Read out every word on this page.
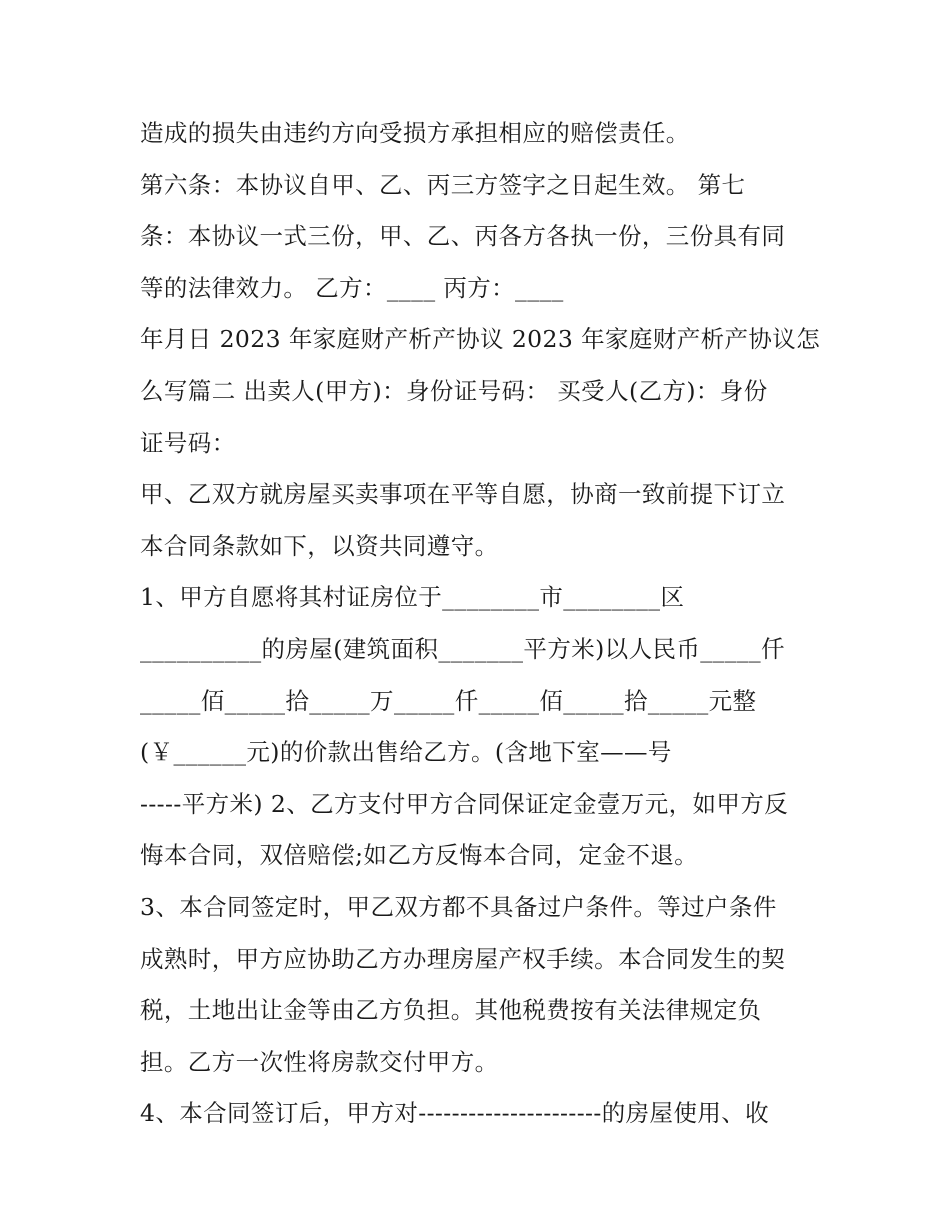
造成的损失由违约方向受损方承担相应的赔偿责任。
第六条：本协议自甲、乙、丙三方签字之日起生效。 第七
条：本协议一式三份，甲、乙、丙各方各执一份，三份具有同
等的法律效力。 乙方：____ 丙方：____
年月日 2023 年家庭财产析产协议 2023 年家庭财产析产协议怎
么写篇二 出卖人(甲方)：身份证号码： 买受人(乙方)：身份
证号码：
甲、乙双方就房屋买卖事项在平等自愿，协商一致前提下订立
本合同条款如下，以资共同遵守。
1、甲方自愿将其村证房位于________市________区
__________的房屋(建筑面积_______平方米)以人民币_____仟
_____佰_____拾_____万_____仟_____佰_____拾_____元整
(￥______元)的价款出售给乙方。(含地下室——号
-----平方米) 2、乙方支付甲方合同保证定金壹万元，如甲方反
悔本合同，双倍赔偿;如乙方反悔本合同，定金不退。
3、本合同签定时，甲乙双方都不具备过户条件。等过户条件
成熟时，甲方应协助乙方办理房屋产权手续。本合同发生的契
税，土地出让金等由乙方负担。其他税费按有关法律规定负
担。乙方一次性将房款交付甲方。
4、本合同签订后，甲方对----------------------的房屋使用、收
